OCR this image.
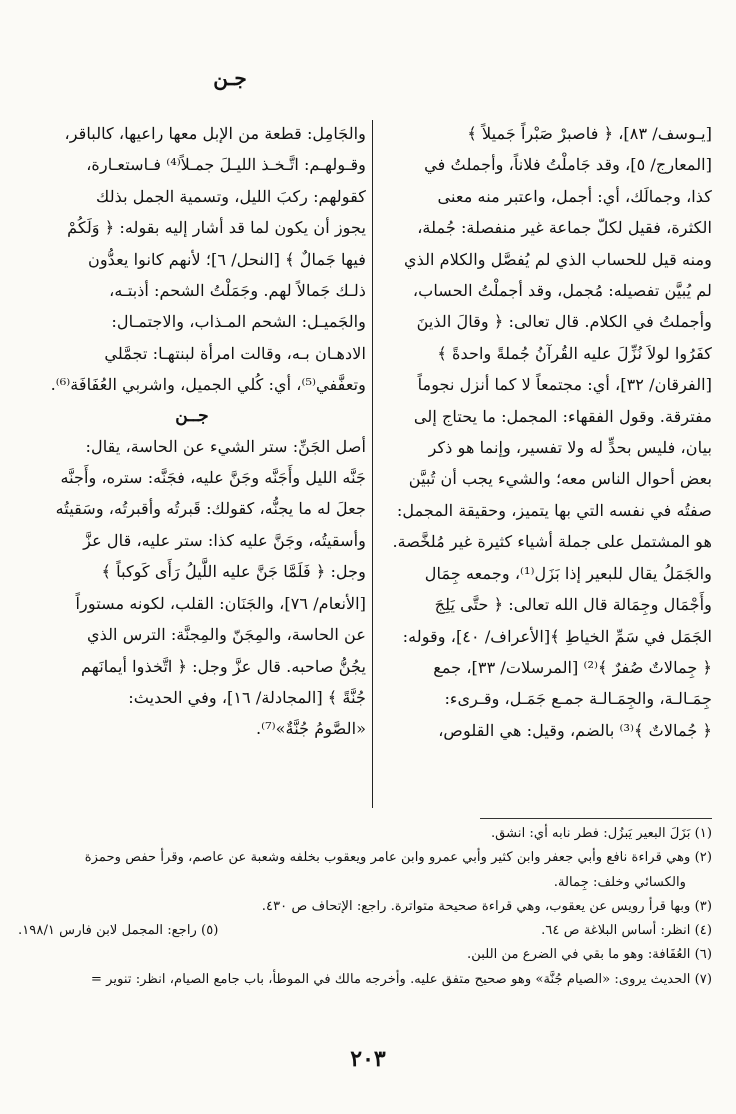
جـن

[يـوسف/ ٨٣]، ﴿ فاصبرْ صَبْراً جَميلاً ﴾

[المعارج/ ٥]، وقد جَاملْتُ فلاناً، وأجملتُ في

كذا، وجمالَك، أي: أجمل، واعتبر منه معنى

الكثرة، فقيل لكلّ جماعة غير منفصلة: جُملة،

ومنه قيل للحساب الذي لم يُفصَّل والكلام الذي

لم يُبيَّن تفصيله: مُجمل، وقد أجملْتُ الحساب،

وأجملتُ في الكلام. قال تعالى: ﴿ وقالَ الذينَ

كفَرُوا لولاَ نُزِّلَ عليه القُرآنُ جُملةً واحدةً ﴾

[الفرقان/ ٣٢]، أي: مجتمعاً لا كما أنزل نجوماً

مفترقة. وقول الفقهاء: المجمل: ما يحتاج إلى

بيان، فليس بحدٍّ له ولا تفسير، وإنما هو ذكر

بعض أحوال الناس معه؛ والشيء يجب أن تُبيَّن

صفتُه في نفسه التي بها يتميز، وحقيقة المجمل:

هو المشتمل على جملة أشياء كثيرة غير مُلخَّصة.

والجَمَلُ يقال للبعير إذا بَزَل⁽¹⁾، وجمعه جِمَال

وأَجْمَال وجِمَالة قال الله تعالى: ﴿ حتَّى يَلِجَ

الجَمَل في سَمِّ الخياطِ ﴾[الأعراف/ ٤٠]، وقوله:

﴿ جِمالاتٌ صُفرٌ ﴾⁽²⁾ [المرسلات/ ٣٣]، جمع

جِمَـالـة، والجِمَـالـة جمـع جَمَـل، وقـرىء:

﴿ جُمالاتٌ ﴾⁽³⁾ بالضم، وقيل: هي القلوص،

والجَامِل: قطعة من الإبل معها راعيها، كالباقر،

وقـولهـم: اتَّـخـذ الليـلَ جمـلاً⁽⁴⁾ فـاستعـارة،

كقولهم: ركبَ الليل، وتسمية الجمل بذلك

يجوز أن يكون لما قد أشار إليه بقوله: ﴿ وَلَكُمْ

فيها جَمالٌ ﴾ [النحل/ ٦]؛ لأنهم كانوا يعدُّون

ذلـك جَمالاً لهم. وجَمَلْتُ الشحم: أذبتـه،

والجَميـل: الشحم المـذاب، والاجتمـال:

الادهـان بـه، وقالت امرأة لبنتهـا: تجمَّلي

وتعفَّفي⁽⁵⁾، أي: كُلي الجميل، واشربي العُفَافَة⁽⁶⁾.

جــن

أصل الجَنِّ: ستر الشيء عن الحاسة، يقال:

جَنَّه الليل وأَجَنَّه وجَنَّ عليه، فجَنَّه: ستره، وأَجنَّه

جعلَ له ما يجنُّه، كقولك: قَبرتُه وأقبرتُه، وسَقيتُه

وأسقيتُه، وجَنَّ عليه كذا: ستر عليه، قال عزَّ

وجل: ﴿ فَلَمَّا جَنَّ عليه اللَّيلُ رَأَى كَوكباً ﴾

[الأنعام/ ٧٦]، والجَنَان: القلب، لكونه مستوراً

عن الحاسة، والمِجَنّ والمِجنَّة: الترس الذي

يجُنُّ صاحبه. قال عزَّ وجل: ﴿ اتَّخذوا أيمانَهم

جُنَّةً ﴾ [المجادلة/ ١٦]، وفي الحديث:

«الصَّومُ جُنَّةٌ»⁽⁷⁾.

(١) بَزَلَ البعير يَبزُل: فطر نابه أي: انشق.

(٢) وهي قراءة نافع وأبي جعفر وابن كثير وأبي عمرو وابن عامر ويعقوب بخلفه وشعبة عن عاصم، وقرأ حفص وحمزة

والكسائي وخلف: جِمالة.

(٣) وبها قرأ رويس عن يعقوب، وهي قراءة صحيحة متواترة. راجع: الإتحاف ص ٤٣٠.

(٤) انظر: أساس البلاغة ص ٦٤.
(٥) راجع: المجمل لابن فارس ١٩٨/١.

(٦) العُفَافة: وهو ما بقي في الضرع من اللبن.

(٧) الحديث يروى: «الصيام جُنَّة» وهو صحيح متفق عليه. وأخرجه مالك في الموطأ، باب جامع الصيام، انظر: تنوير =

٢٠٣
